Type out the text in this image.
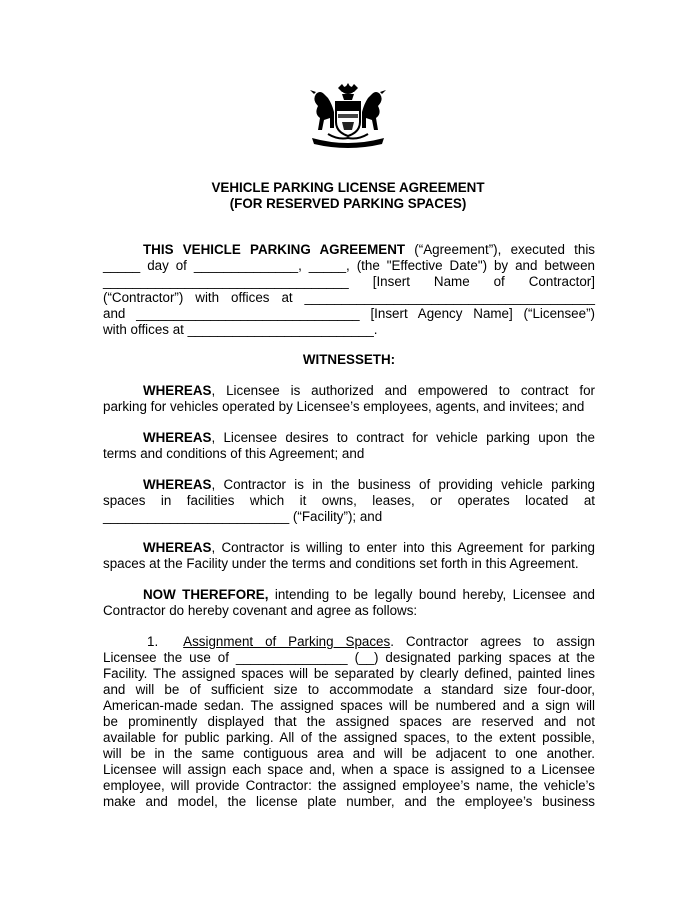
VEHICLE PARKING LICENSE AGREEMENT
(FOR RESERVED PARKING SPACES)
THIS VEHICLE PARKING AGREEMENT (“Agreement”), executed this
_____ day of ______________, _____, (the "Effective Date") by and between
_________________________________ [Insert Name of Contractor]
(“Contractor”) with offices at _______________________________________
and ______________________________ [Insert Agency Name] (“Licensee”)
with offices at _________________________.
WITNESSETH:
WHEREAS, Licensee is authorized and empowered to contract for
parking for vehicles operated by Licensee’s employees, agents, and invitees; and
WHEREAS, Licensee desires to contract for vehicle parking upon the
terms and conditions of this Agreement; and
WHEREAS, Contractor is in the business of providing vehicle parking
spaces in facilities which it owns, leases, or operates located at
_________________________ (“Facility”); and
WHEREAS, Contractor is willing to enter into this Agreement for parking
spaces at the Facility under the terms and conditions set forth in this Agreement.
NOW THEREFORE, intending to be legally bound hereby, Licensee and
Contractor do hereby covenant and agree as follows:
1. Assignment of Parking Spaces. Contractor agrees to assign
Licensee the use of _______________ (__) designated parking spaces at the
Facility. The assigned spaces will be separated by clearly defined, painted lines
and will be of sufficient size to accommodate a standard size four-door,
American-made sedan. The assigned spaces will be numbered and a sign will
be prominently displayed that the assigned spaces are reserved and not
available for public parking. All of the assigned spaces, to the extent possible,
will be in the same contiguous area and will be adjacent to one another.
Licensee will assign each space and, when a space is assigned to a Licensee
employee, will provide Contractor: the assigned employee’s name, the vehicle’s
make and model, the license plate number, and the employee’s business
